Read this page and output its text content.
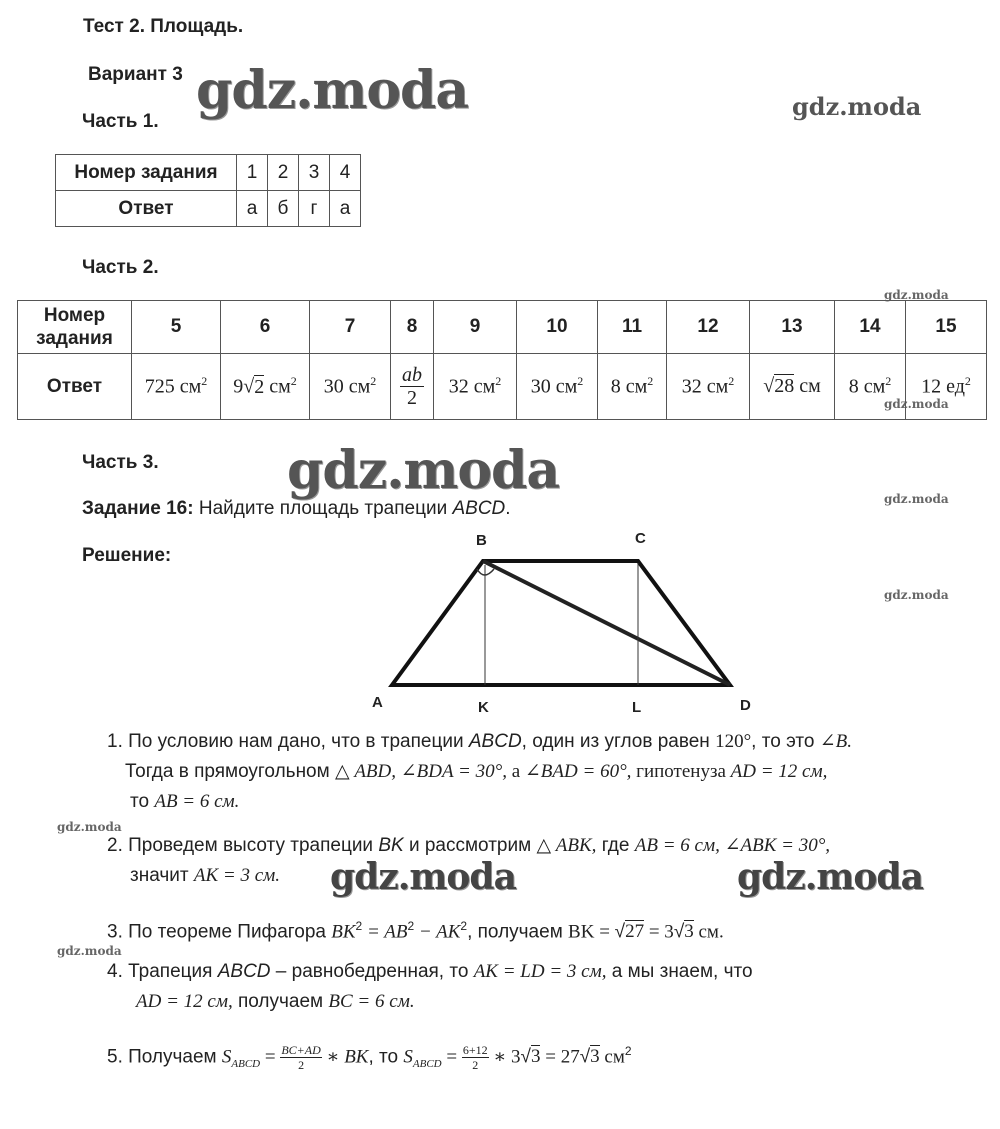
Тест 2. Площадь.
Вариант 3 gdz.moda	gdz.moda
gdz.moda
gdz.moda
gdz.moda	gdz.moda
gdz.moda
gdz.moda
gdz.moda	gdz.moda
gdz.moda
Часть 1.
Номер задания	1	2	3	4
Ответ	а	б	г	а
Часть 2.
Номер задания	5	6	7	8	9	10	11	12	13	14	15
Ответ	725 $см^2$	9√2 $см^2$	30 $см^2$	$\frac{ab}{2}$	32 $см^2$	30 $см^2$	8 $см^2$	32 $см^2$	√28 см	8 $см^2$	12 $ед^2$
Часть 3.
Задание 16: Найдите площадь трапеции ABCD.
Решение:
B	C
A	K	L	D
1. По условию нам дано, что в трапеции ABCD, один из углов равен 120°, то это ∠B.
Тогда в прямоугольном △ ABD, ∠BDA = 30°, а ∠BAD = 60°, гипотенуза AD = 12 см,
то AB = 6 см.
2. Проведем высоту трапеции BK и рассмотрим △ ABK, где AB = 6 см, ∠ABK = 30°,
значит AK = 3 см.
3. По теореме Пифагора $BK^2 = AB^2 - AK^2$, получаем BK = √27 = 3√3 см.
4. Трапеция ABCD – равнобедренная, то AK = LD = 3 см, а мы знаем, что
AD = 12 см, получаем BC = 6 см.
5. Получаем $S_{ABCD} = \frac{BC+AD}{2}$ ∗ BK, то $S_{ABCD} = \frac{6+12}{2}$ ∗ 3√3 = 27√3 $см^2$
